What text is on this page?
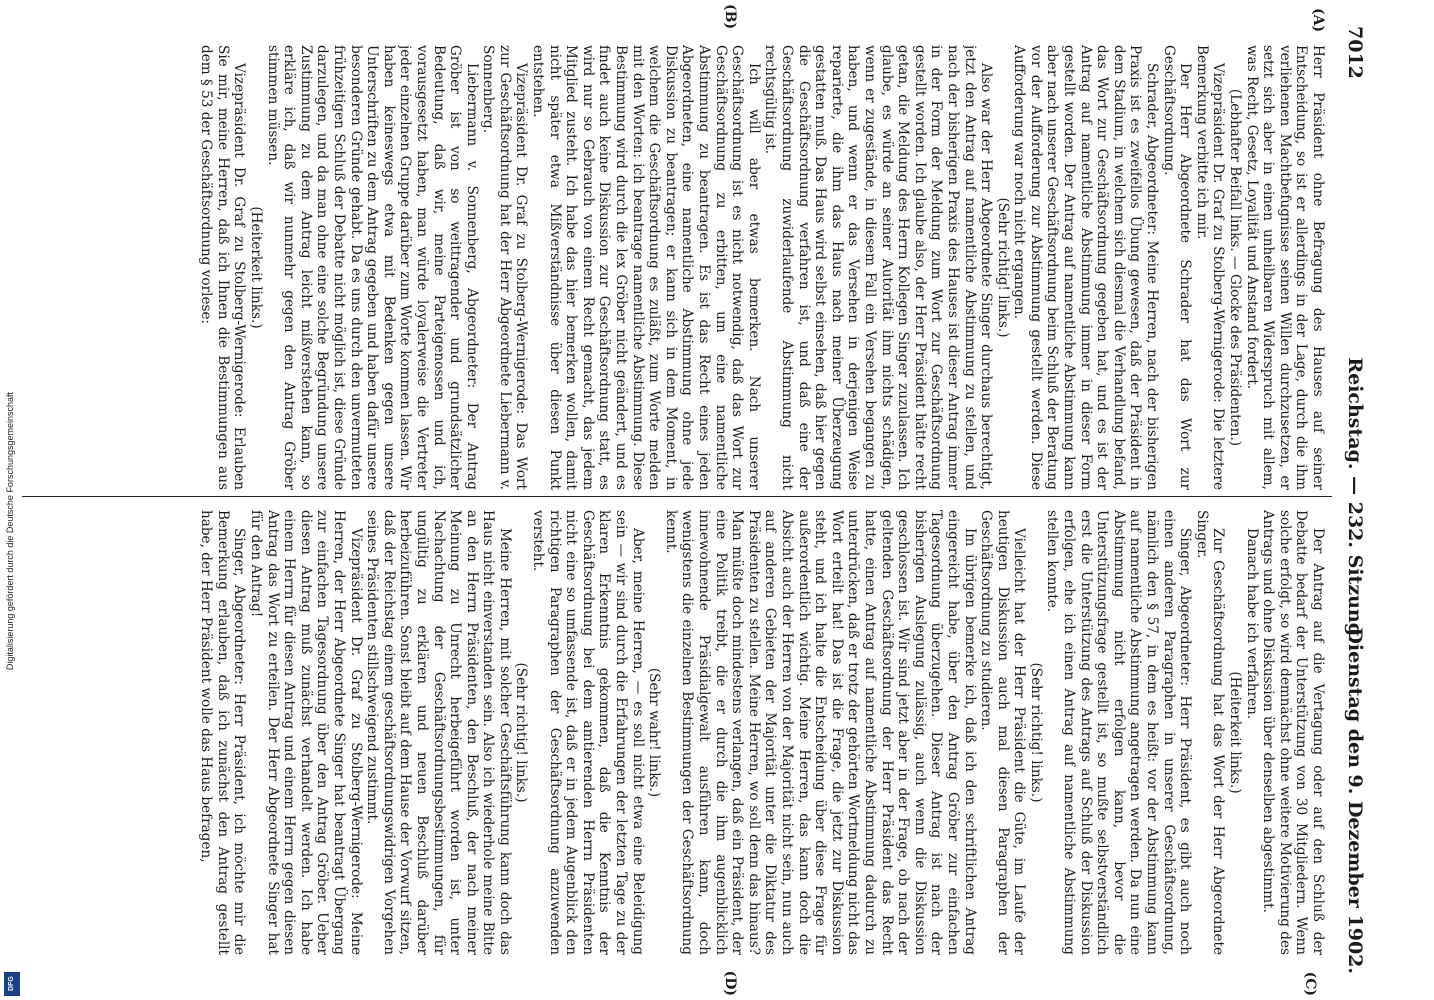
7012
Reichstag. — 232. Sitzung.
Dienstag den 9. Dezember 1902.
(A)
(B)
(C)
(D)

Herr Präsident ohne Befragung des Hauses auf seiner Entscheidung, so ist er allerdings in der Lage, durch die ihm verliehenen Machtbefugnisse seinen Willen durchzusetzen, er setzt sich aber in einen unheilbaren Widerspruch mit allem, was Recht, Gesetz, Loyalität und Anstand fordert.

(Lebhafter Beifall links. — Glocke des Präsidenten.)

Vizepräsident Dr. Graf zu Stolberg-Wernigerode: Die letztere Bemerkung verbitte ich mir.

Der Herr Abgeordnete Schrader hat das Wort zur Geschäftsordnung.

Schrader, Abgeordneter: Meine Herren, nach der bisherigen Praxis ist es zweifellos Übung gewesen, daß der Präsident in dem Stadium, in welchem sich diesmal die Verhandlung befand, das Wort zur Geschäftsordnung gegeben hat, und es ist der Antrag auf namentliche Abstimmung immer in dieser Form gestellt worden. Der Antrag auf namentliche Abstimmung kann aber nach unserer Geschäftsordnung beim Schluß der Beratung vor der Aufforderung zur Abstimmung gestellt werden. Diese Aufforderung war noch nicht ergangen.

(Sehr richtig! links.)

Also war der Herr Abgeordnete Singer durchaus berechtigt, jetzt den Antrag auf namentliche Abstimmung zu stellen, und nach der bisherigen Praxis des Hauses ist dieser Antrag immer in der Form der Meldung zum Wort zur Geschäftsordnung gestellt worden. Ich glaube also, der Herr Präsident hätte recht getan, die Meldung des Herrn Kollegen Singer zuzulassen. Ich glaube, es würde an seiner Autorität ihm nichts schädigen, wenn er zugestände, in diesem Fall ein Versehen begangen zu haben, und wenn er das Versehen in derjenigen Weise reparierte, die ihm das Haus nach meiner Überzeugung gestatten muß. Das Haus wird selbst einsehen, daß hier gegen die Geschäftsordnung verfahren ist, und daß eine der Geschäftsordnung zuwiderlaufende Abstimmung nicht rechtsgültig ist.

Ich will aber etwas bemerken. Nach unserer Geschäftsordnung ist es nicht notwendig, daß das Wort zur Geschäftsordnung zu erbitten, um eine namentliche Abstimmung zu beantragen. Es ist das Recht eines jeden Abgeordneten, eine namentliche Abstimmung ohne jede Diskussion zu beantragen; er kann sich in dem Moment, in welchem die Geschäftsordnung es zuläßt, zum Worte melden mit den Worten: ich beantrage namentliche Abstimmung. Diese Bestimmung wird durch die lex Gröber nicht geändert, und es findet auch keine Diskussion zur Geschäftsordnung statt, es wird nur so Gebrauch von einem Recht gemacht, das jedem Mitglied zusteht. Ich habe das hier bemerken wollen, damit nicht später etwa Mißverständnisse über diesen Punkt entstehen.

Vizepräsident Dr. Graf zu Stolberg-Wernigerode: Das Wort zur Geschäftsordnung hat der Herr Abgeordnete Liebermann v. Sonnenberg.

Liebermann v. Sonnenberg, Abgeordneter: Der Antrag Gröber ist von so weittragender und grundsätzlicher Bedeutung, daß wir, meine Parteigenossen und ich, vorausgesetzt haben, man würde loyalerweise die Vertreter jeder einzelnen Gruppe darüber zum Worte kommen lassen. Wir haben keineswegs etwa mit Bedenken gegen unsere Unterschriften zu dem Antrag gegeben und haben dafür unsere besonderen Gründe gehabt. Da es uns durch den unvermuteten frühzeitigen Schluß der Debatte nicht möglich ist, diese Gründe darzulegen, und da man ohne eine solche Begründung unsere Zustimmung zu dem Antrag leicht mißverstehen kann, so erkläre ich, daß wir nunmehr gegen den Antrag Gröber stimmen müssen.

(Heiterkeit links.)

Vizepräsident Dr. Graf zu Stolberg-Wernigerode: Erlauben Sie mir, meine Herren, daß ich Ihnen die Bestimmungen aus dem § 53 der Geschäftsordnung vorlese:

Der Antrag auf die Vertagung oder auf den Schluß der Debatte bedarf der Unterstützung von 30 Mitgliedern. Wenn solche erfolgt, so wird demnächst ohne weitere Motivierung des Antrags und ohne Diskussion über denselben abgestimmt.

Danach habe ich verfahren.

(Heiterkeit links.)

Zur Geschäftsordnung hat das Wort der Herr Abgeordnete Singer.

Singer, Abgeordneter: Herr Präsident, es gibt auch noch einen anderen Paragraphen in unserer Geschäftsordnung, nämlich den § 57, in dem es heißt: vor der Abstimmung kann auf namentliche Abstimmung angetragen werden. Da nun eine Abstimmung nicht erfolgen kann, bevor die Unterstützungsfrage gestellt ist, so mußte selbstverständlich erst die Unterstützung des Antrags auf Schluß der Diskussion erfolgen, ehe ich einen Antrag auf namentliche Abstimmung stellen konnte.

(Sehr richtig! links.)

Vielleicht hat der Herr Präsident die Güte, im Laufe der heutigen Diskussion auch mal diesen Paragraphen der Geschäftsordnung zu studieren.

Im übrigen bemerke ich, daß ich den schriftlichen Antrag eingereicht habe, über den Antrag Gröber zur einfachen Tagesordnung überzugehen. Dieser Antrag ist nach der bisherigen Auslegung zulässig, auch wenn die Diskussion geschlossen ist. Wir sind jetzt aber in der Frage, ob nach der geltenden Geschäftsordnung der Herr Präsident das Recht hatte, einen Antrag auf namentliche Abstimmung dadurch zu unterdrücken, daß er trotz der gehörten Wortmeldung nicht das Wort erteilt hat! Das ist die Frage, die jetzt zur Diskussion steht, und ich halte die Entscheidung über diese Frage für außerordentlich wichtig. Meine Herren, das kann doch die Absicht auch der Herren von der Majorität nicht sein, nun auch auf anderen Gebieten der Majorität unter die Diktatur des Präsidenten zu stellen. Meine Herren, wo soll denn das hinaus? Man müßte doch mindestens verlangen, daß ein Präsident, der eine Politik treibt, die er durch die ihm augenblicklich innewohnende Präsidialgewalt ausführen kann, doch wenigstens die einzelnen Bestimmungen der Geschäftsordnung kennt.

(Sehr wahr! links.)

Aber, meine Herren, — es soll nicht etwa eine Beleidigung sein — wir sind durch die Erfahrungen der letzten Tage zu der klaren Erkenntnis gekommen, daß die Kenntnis der Geschäftsordnung bei dem amtierenden Herrn Präsidenten nicht eine so umfassende ist, daß er in jedem Augenblick den richtigen Paragraphen der Geschäftsordnung anzuwenden versteht.

(Sehr richtig! links.)

Meine Herren, mit solcher Geschäftsführung kann doch das Haus nicht einverstanden sein. Also ich wiederhole meine Bitte an den Herrn Präsidenten, den Beschluß, der nach meiner Meinung zu Unrecht herbeigeführt worden ist, unter Nachachtung der Geschäftsordnungsbestimmungen, für ungültig zu erklären und neuen Beschluß darüber herbeizuführen. Sonst bleibt auf dem Hause der Vorwurf sitzen, daß der Reichstag einem geschäftsordnungswidrigen Vorgehen seines Präsidenten stillschweigend zustimmt.

Vizepräsident Dr. Graf zu Stolberg-Wernigerode: Meine Herren, der Herr Abgeordnete Singer hat beantragt Übergang zur einfachen Tagesordnung über den Antrag Gröber. Ueber diesen Antrag muß zunächst verhandelt werden. Ich habe einem Herrn für diesen Antrag und einem Herrn gegen diesen Antrag das Wort zu erteilen. Der Herr Abgeordnete Singer hat für den Antrag!

Singer, Abgeordneter: Herr Präsident, ich möchte mir die Bemerkung erlauben, daß ich zunächst den Antrag gestellt habe, der Herr Präsident wolle das Haus befragen,

Digitalisierung gefördert durch die Deutsche Forschungsgemeinschaft
DFG
